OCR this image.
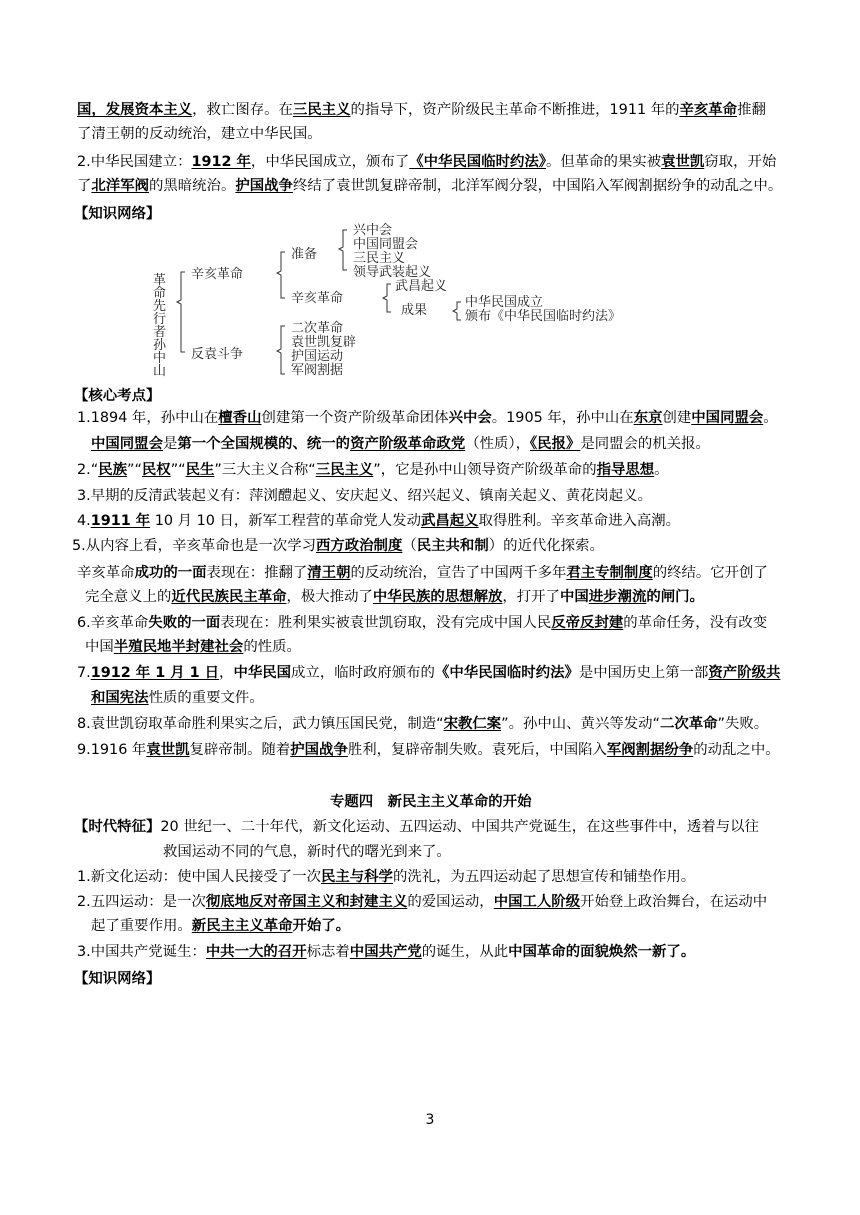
国，发展资本主义，救亡图存。在三民主义的指导下，资产阶级民主革命不断推进，1911 年的辛亥革命推翻
了清王朝的反动统治，建立中华民国。
2.中华民国建立：1912 年，中华民国成立，颁布了《中华民国临时约法》。但革命的果实被袁世凯窃取，开始
了北洋军阀的黑暗统治。护国战争终结了袁世凯复辟帝制，北洋军阀分裂，中国陷入军阀割据纷争的动乱之中。
【知识网络】
革
命
先
行
者
孙
中
山
辛亥革命
准备
兴中会
中国同盟会
三民主义
领导武装起义
辛亥革命
武昌起义
成果
中华民国成立
颁布《中华民国临时约法》
反袁斗争
二次革命
袁世凯复辟
护国运动
军阀割据
【核心考点】
1.1894 年，孙中山在檀香山创建第一个资产阶级革命团体兴中会。1905 年，孙中山在东京创建中国同盟会。
中国同盟会是第一个全国规模的、统一的资产阶级革命政党（性质），《民报》是同盟会的机关报。
2.“民族”“民权”“民生”三大主义合称“三民主义”，它是孙中山领导资产阶级革命的指导思想。
3.早期的反清武装起义有：萍浏醴起义、安庆起义、绍兴起义、镇南关起义、黄花岗起义。
4.1911 年 10 月 10 日，新军工程营的革命党人发动武昌起义取得胜利。辛亥革命进入高潮。
5.从内容上看，辛亥革命也是一次学习西方政治制度（民主共和制）的近代化探索。
辛亥革命成功的一面表现在：推翻了清王朝的反动统治，宣告了中国两千多年君主专制制度的终结。它开创了
完全意义上的近代民族民主革命，极大推动了中华民族的思想解放，打开了中国进步潮流的闸门。
6.辛亥革命失败的一面表现在：胜利果实被袁世凯窃取，没有完成中国人民反帝反封建的革命任务，没有改变
中国半殖民地半封建社会的性质。
7.1912 年 1 月 1 日，中华民国成立，临时政府颁布的《中华民国临时约法》是中国历史上第一部资产阶级共
和国宪法性质的重要文件。
8.袁世凯窃取革命胜利果实之后，武力镇压国民党，制造“宋教仁案”。孙中山、黄兴等发动“二次革命”失败。
9.1916 年袁世凯复辟帝制。随着护国战争胜利，复辟帝制失败。袁死后，中国陷入军阀割据纷争的动乱之中。
专题四　新民主主义革命的开始
【时代特征】20 世纪一、二十年代，新文化运动、五四运动、中国共产党诞生，在这些事件中，透着与以往
救国运动不同的气息，新时代的曙光到来了。
1.新文化运动：使中国人民接受了一次民主与科学的洗礼，为五四运动起了思想宣传和铺垫作用。
2.五四运动：是一次彻底地反对帝国主义和封建主义的爱国运动，中国工人阶级开始登上政治舞台，在运动中
起了重要作用。新民主主义革命开始了。
3.中国共产党诞生：中共一大的召开标志着中国共产党的诞生，从此中国革命的面貌焕然一新了。
【知识网络】
3
